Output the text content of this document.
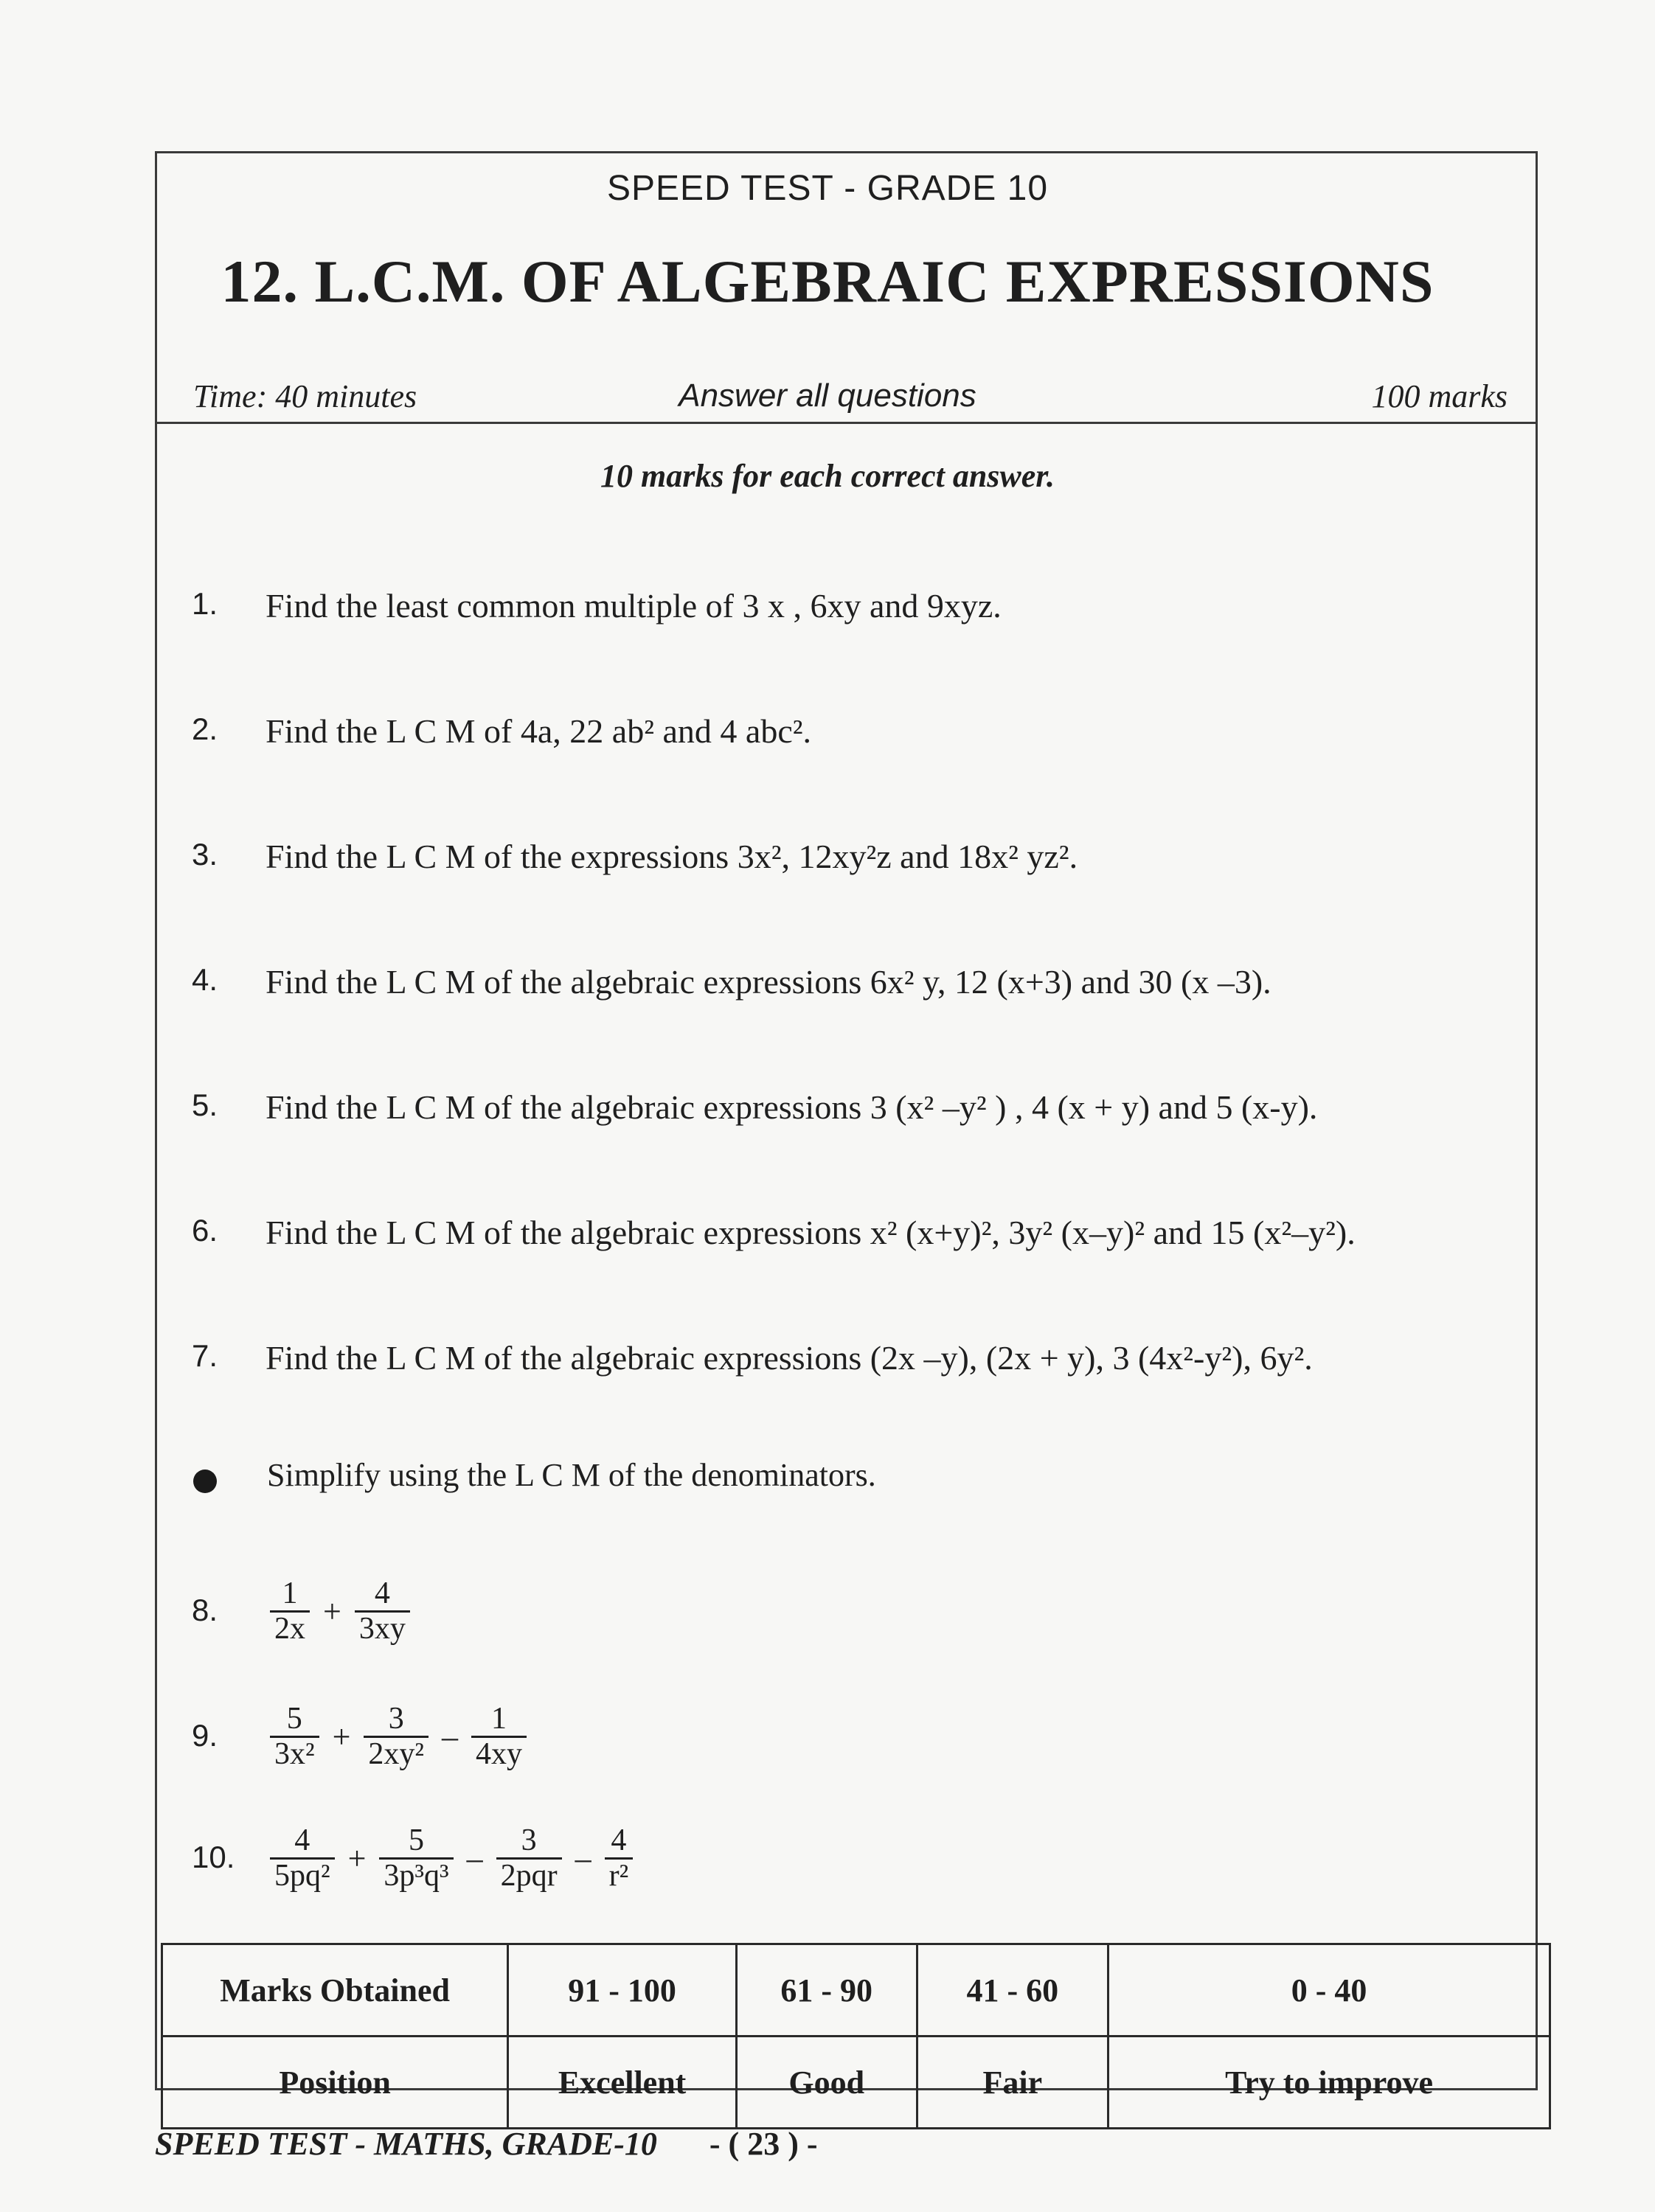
SPEED TEST - GRADE 10
12. L.C.M. OF ALGEBRAIC EXPRESSIONS
Time: 40 minutes	Answer all questions	100 marks
10 marks for each correct answer.
1. Find the least common multiple of 3 x , 6xy and 9xyz.
2. Find the L C M of 4a, 22 ab² and 4 abc².
3. Find the L C M of the expressions 3x², 12xy²z and 18x² yz².
4. Find the L C M of the algebraic expressions 6x² y, 12 (x+3) and 30 (x –3).
5. Find the L C M of the algebraic expressions 3 (x² –y² ) , 4 (x + y) and 5 (x-y).
6. Find the L C M of the algebraic expressions x² (x+y)², 3y² (x–y)² and 15 (x²–y²).
7. Find the L C M of the algebraic expressions (2x –y), (2x + y), 3 (4x²-y²), 6y².
Simplify using the L C M of the denominators.
8. $\frac{1}{2x} + \frac{4}{3xy}$
9. $\frac{5}{\text{3x²}} + \frac{3}{\text{2xy²}} - \frac{1}{4xy}$
10. $\frac{4}{\text{5pq²}} + \frac{5}{\text{3p³q³}} - \frac{3}{\text{2pqr}} - \frac{4}{\text{r²}}$
Marks Obtained	91 - 100	61 - 90	41 - 60	0 - 40
Position	Excellent	Good	Fair	Try to improve
SPEED TEST - MATHS, GRADE-10 - ( 23 ) -
